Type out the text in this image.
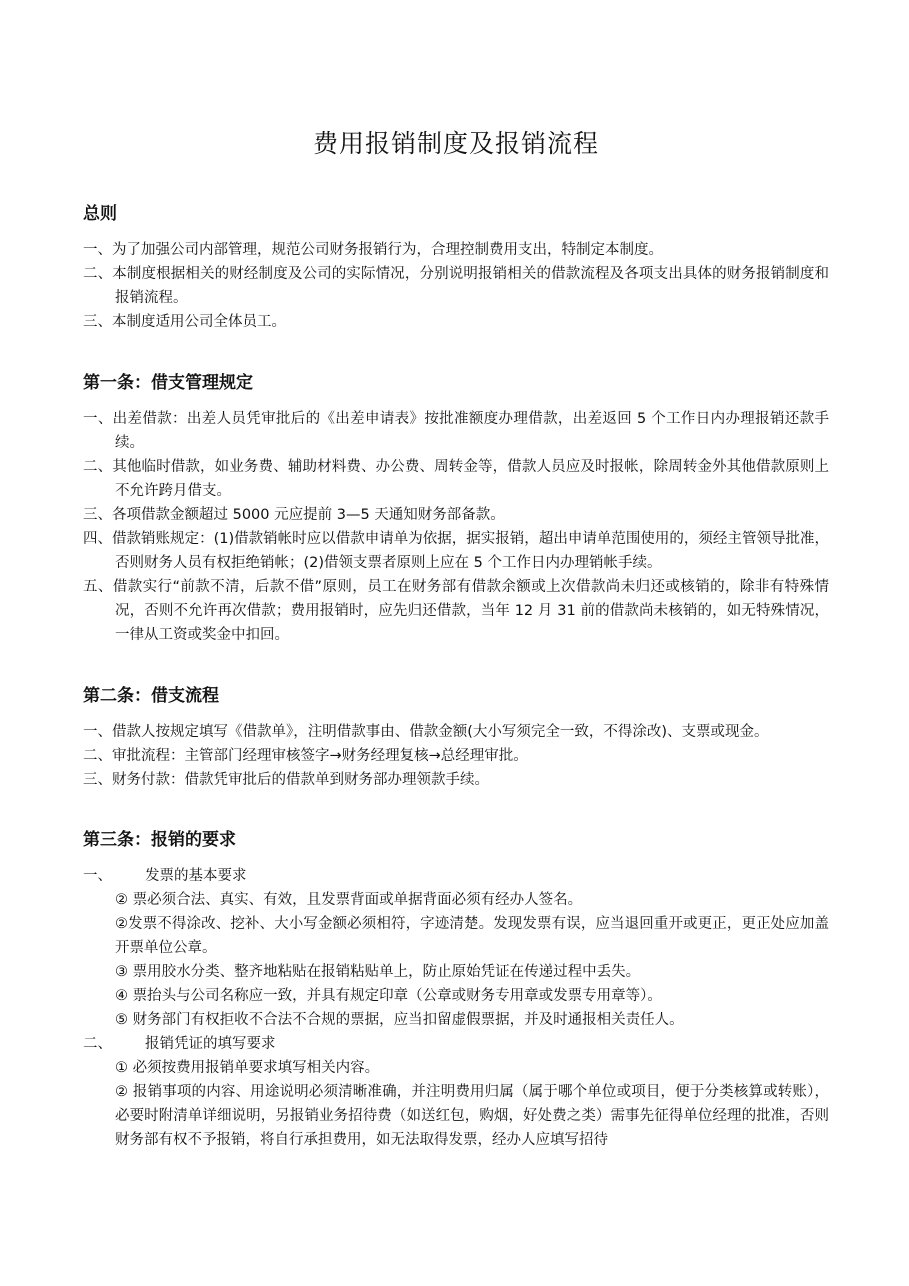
费用报销制度及报销流程
总则

一、为了加强公司内部管理，规范公司财务报销行为，合理控制费用支出，特制定本制度。

二、本制度根据相关的财经制度及公司的实际情况，分别说明报销相关的借款流程及各项支出具体的财务报销制度和报销流程。

三、本制度适用公司全体员工。

第一条：借支管理规定

一、出差借款：出差人员凭审批后的《出差申请表》按批准额度办理借款，出差返回 5 个工作日内办理报销还款手续。

二、其他临时借款，如业务费、辅助材料费、办公费、周转金等，借款人员应及时报帐，除周转金外其他借款原则上不允许跨月借支。

三、各项借款金额超过 5000 元应提前 3—5 天通知财务部备款。

四、借款销账规定：(1)借款销帐时应以借款申请单为依据，据实报销，超出申请单范围使用的，须经主管领导批准，否则财务人员有权拒绝销帐；(2)借领支票者原则上应在 5 个工作日内办理销帐手续。

五、借款实行“前款不清，后款不借”原则，员工在财务部有借款余额或上次借款尚未归还或核销的，除非有特殊情况，否则不允许再次借款；费用报销时，应先归还借款，当年 12 月 31 前的借款尚未核销的，如无特殊情况，一律从工资或奖金中扣回。

第二条：借支流程

一、借款人按规定填写《借款单》，注明借款事由、借款金额(大小写须完全一致，不得涂改)、支票或现金。

二、审批流程：主管部门经理审核签字→财务经理复核→总经理审批。

三、财务付款：借款凭审批后的借款单到财务部办理领款手续。

第三条：报销的要求

一、 发票的基本要求

② 票必须合法、真实、有效，且发票背面或单据背面必须有经办人签名。

②发票不得涂改、挖补、大小写金额必须相符，字迹清楚。发现发票有误，应当退回重开或更正，更正处应加盖开票单位公章。

③ 票用胶水分类、整齐地粘贴在报销粘贴单上，防止原始凭证在传递过程中丢失。

④ 票抬头与公司名称应一致，并具有规定印章（公章或财务专用章或发票专用章等）。

⑤ 财务部门有权拒收不合法不合规的票据，应当扣留虚假票据，并及时通报相关责任人。

二、 报销凭证的填写要求

① 必须按费用报销单要求填写相关内容。

② 报销事项的内容、用途说明必须清晰准确，并注明费用归属（属于哪个单位或项目，便于分类核算或转账），必要时附清单详细说明，另报销业务招待费（如送红包，购烟，好处费之类）需事先征得单位经理的批准，否则财务部有权不予报销，将自行承担费用，如无法取得发票，经办人应填写招待
